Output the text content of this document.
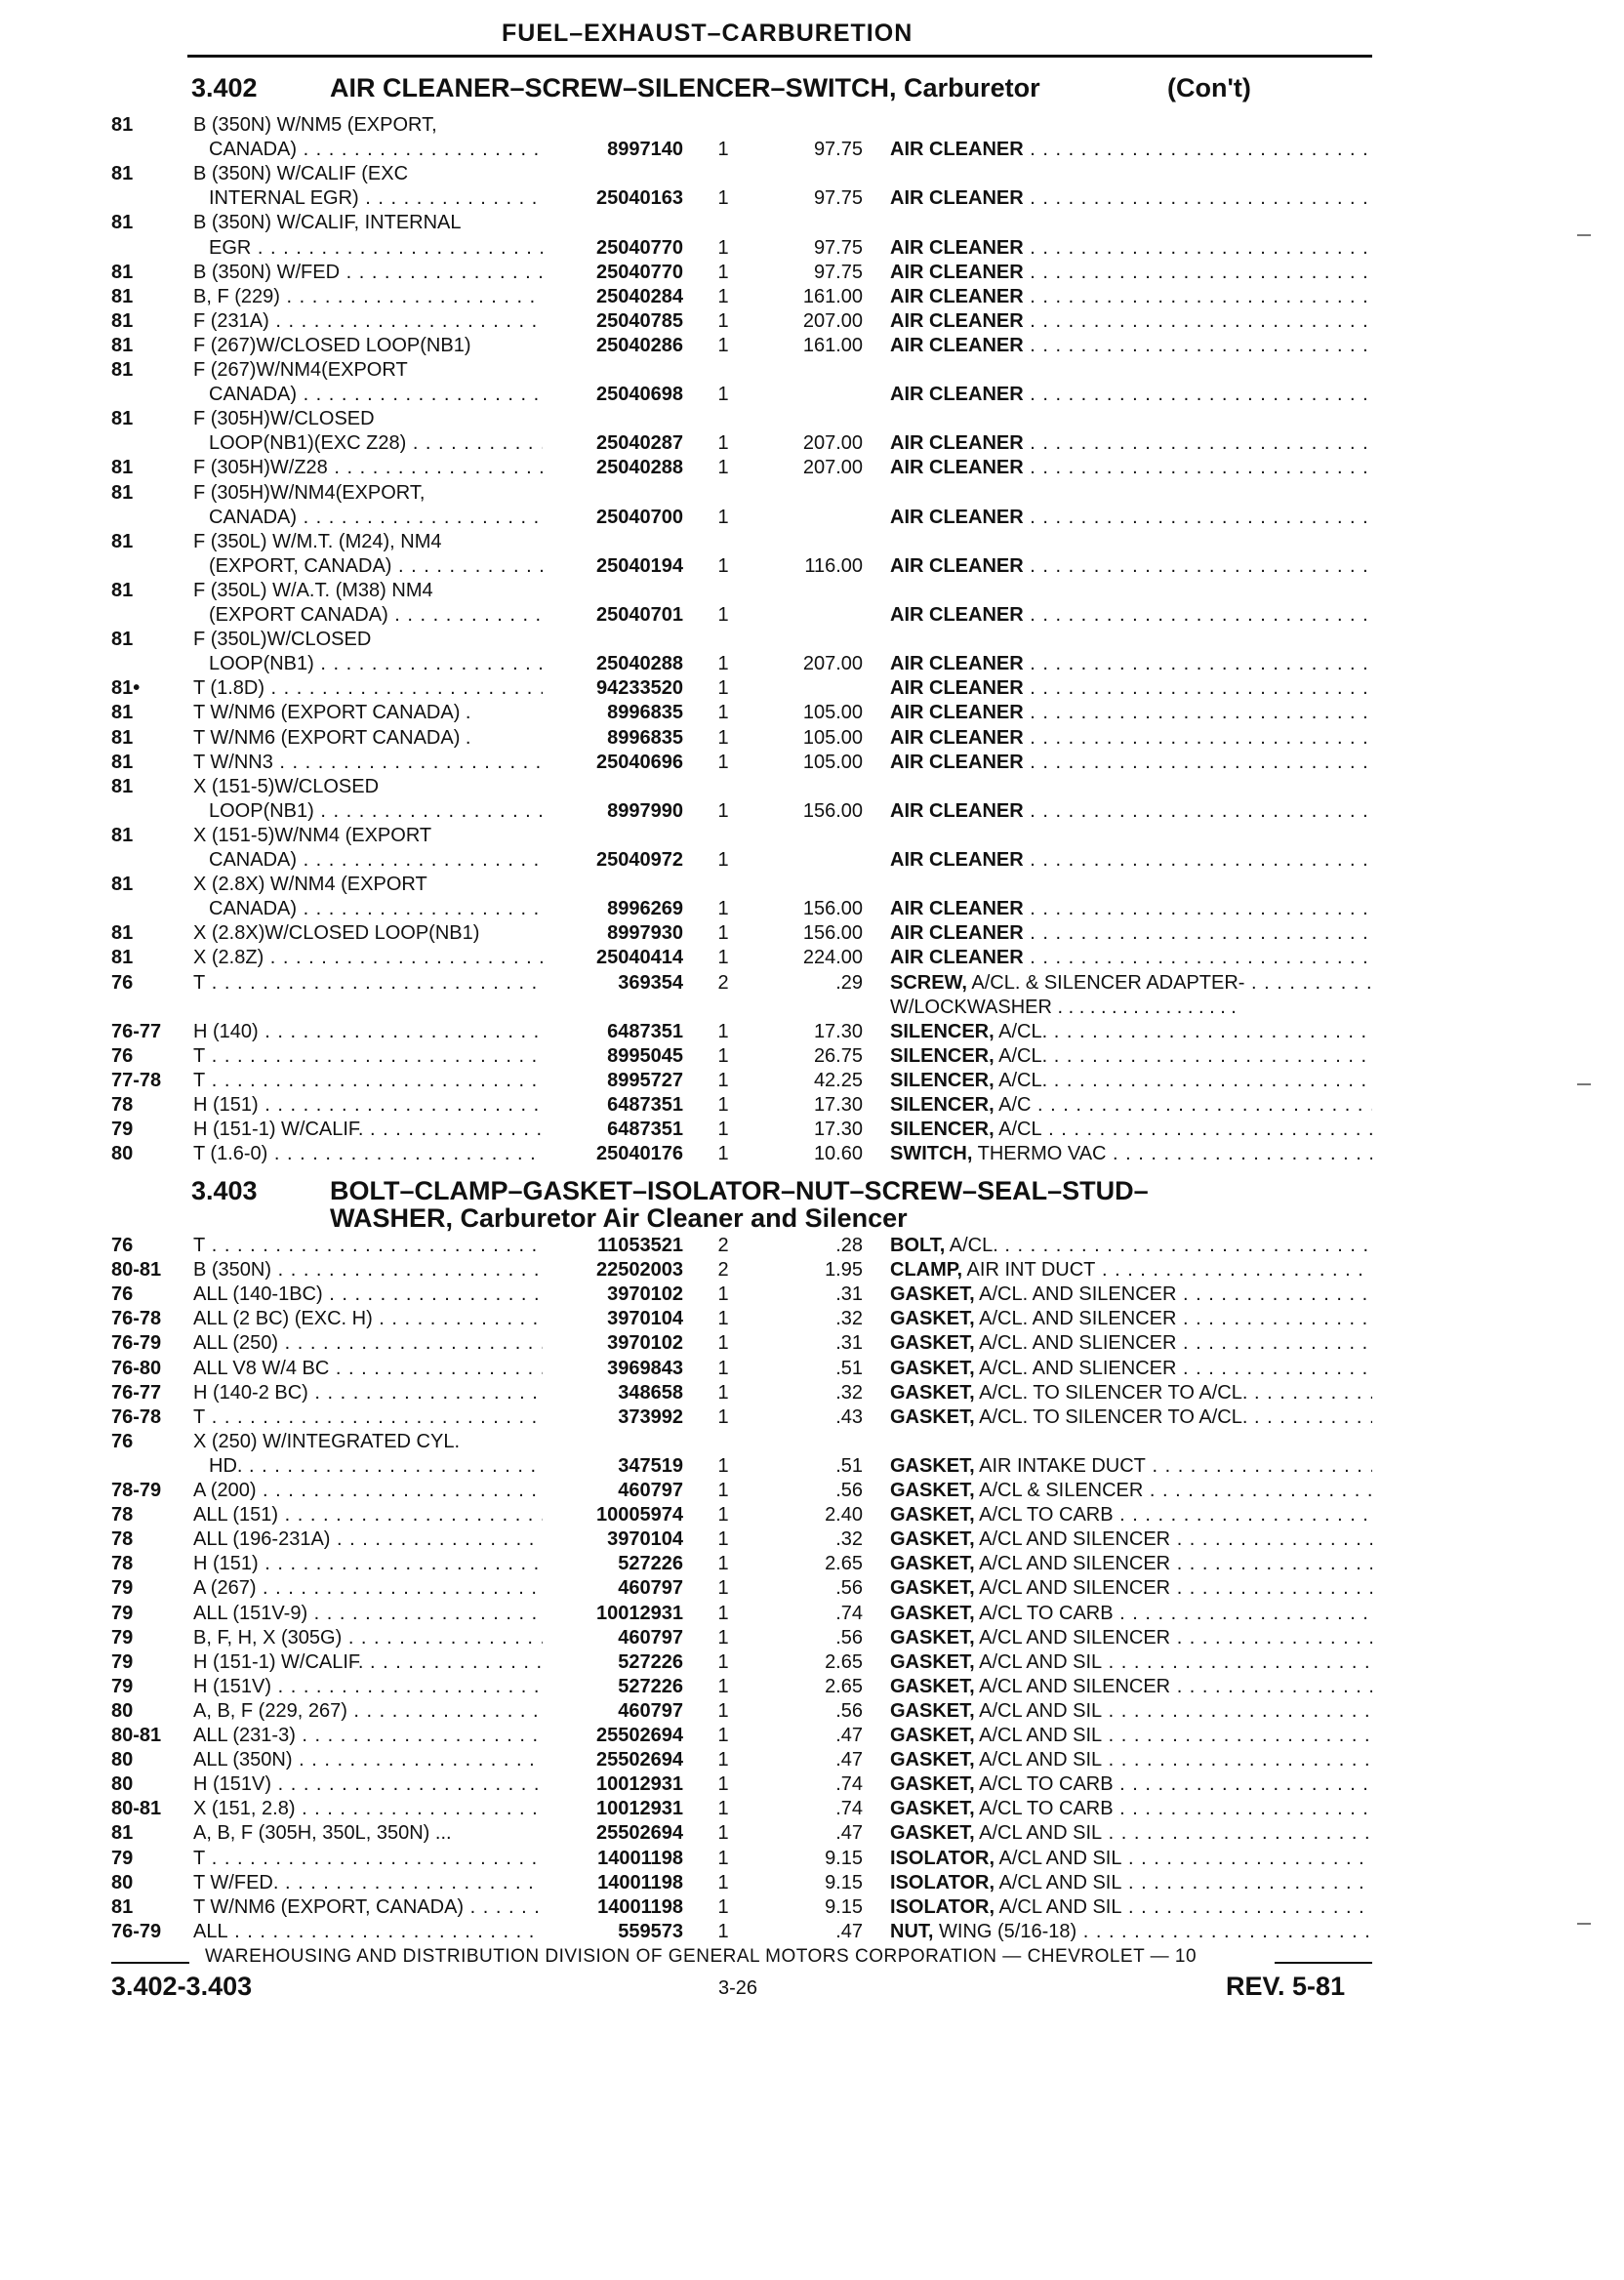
FUEL–EXHAUST–CARBURETION
3.402	AIR CLEANER–SCREW–SILENCER–SWITCH, Carburetor	(Con't)
81	B (350N) W/NM5 (EXPORT,
CANADA) . . .	8997140 1	97.75 AIR CLEANER . . .
81	B (350N) W/CALIF (EXC
INTERNAL EGR) . . .	25040163 1	97.75 AIR CLEANER . . .
81	B (350N) W/CALIF, INTERNAL
EGR . . .	25040770 1	97.75 AIR CLEANER . . .
81	B (350N) W/FED . . .	25040770 1	97.75 AIR CLEANER . . .
81	B, F (229) . . .	25040284 1	161.00 AIR CLEANER . . .
81	F (231A) . . .	25040785 1	207.00 AIR CLEANER . . .
81	F (267)W/CLOSED LOOP(NB1)	25040286 1	161.00 AIR CLEANER . . .
81	F (267)W/NM4(EXPORT
CANADA) . . .	25040698 1	AIR CLEANER . . .
81	F (305H)W/CLOSED
LOOP(NB1)(EXC Z28) . . .	25040287 1	207.00 AIR CLEANER . . .
81	F (305H)W/Z28 . . .	25040288 1	207.00 AIR CLEANER . . .
81	F (305H)W/NM4(EXPORT,
CANADA) . . .	25040700 1	AIR CLEANER . . .
81	F (350L) W/M.T. (M24), NM4
(EXPORT, CANADA) . . .	25040194 1	116.00 AIR CLEANER . . .
81	F (350L) W/A.T. (M38) NM4
(EXPORT CANADA) . . .	25040701 1	AIR CLEANER . . .
81	F (350L)W/CLOSED
LOOP(NB1) . . .	25040288 1	207.00 AIR CLEANER . . .
81•	T (1.8D) . . .	94233520 1	AIR CLEANER . . .
81	T W/NM6 (EXPORT CANADA) .	8996835 1	105.00 AIR CLEANER . . .
81	T W/NM6 (EXPORT CANADA) .	8996835 1	105.00 AIR CLEANER . . .
81	T W/NN3 . . .	25040696 1	105.00 AIR CLEANER . . .
81	X (151-5)W/CLOSED
LOOP(NB1) . . .	8997990 1	156.00 AIR CLEANER . . .
81	X (151-5)W/NM4 (EXPORT
CANADA) . . .	25040972 1	AIR CLEANER . . .
81	X (2.8X) W/NM4 (EXPORT
CANADA) . . .	8996269 1	156.00 AIR CLEANER . . .
81	X (2.8X)W/CLOSED LOOP(NB1)	8997930 1	156.00 AIR CLEANER . . .
81	X (2.8Z) . . .	25040414 1	224.00 AIR CLEANER . . .
76	T . . .	369354 2	.29 SCREW, A/CL. & SILENCER ADAPTER- . . .
W/LOCKWASHER . . . . . . . . . . . . . . . . .
76-77 H (140) . . .	6487351 1	17.30 SILENCER, A/CL. . . .
76	T . . .	8995045 1	26.75 SILENCER, A/CL. . . .
77-78 T . . .	8995727 1	42.25 SILENCER, A/CL. . . .
78	H (151) . . .	6487351 1	17.30 SILENCER, A/C . . .
79	H (151-1) W/CALIF. . . .	6487351 1	17.30 SILENCER, A/CL . . .
80	T (1.6-0) . . .	25040176 1	10.60 SWITCH, THERMO VAC . . .
3.403	BOLT–CLAMP–GASKET–ISOLATOR–NUT–SCREW–SEAL–STUD–
WASHER, Carburetor Air Cleaner and Silencer
76	T . . .	11053521 2	.28 BOLT, A/CL. . . .
80-81 B (350N) . . .	22502003 2	1.95 CLAMP, AIR INT DUCT . . .
76	ALL (140-1BC) . . .	3970102 1	.31 GASKET, A/CL. AND SILENCER . . .
76-78 ALL (2 BC) (EXC. H) . . .	3970104 1	.32 GASKET, A/CL. AND SILENCER . . .
76-79 ALL (250) . . .	3970102 1	.31 GASKET, A/CL. AND SLIENCER . . .
76-80 ALL V8 W/4 BC . . .	3969843 1	.51 GASKET, A/CL. AND SLIENCER . . .
76-77 H (140-2 BC) . . .	348658 1	.32 GASKET, A/CL. TO SILENCER TO A/CL. . . .
76-78 T . . .	373992 1	.43 GASKET, A/CL. TO SILENCER TO A/CL. . . .
76	X (250) W/INTEGRATED CYL.
HD. . . .	347519 1	.51 GASKET, AIR INTAKE DUCT . . .
78-79 A (200) . . .	460797 1	.56 GASKET, A/CL & SILENCER . . .
78	ALL (151) . . .	10005974 1	2.40 GASKET, A/CL TO CARB . . .
78	ALL (196-231A) . . .	3970104 1	.32 GASKET, A/CL AND SILENCER . . .
78	H (151) . . .	527226 1	2.65 GASKET, A/CL AND SILENCER . . .
79	A (267) . . .	460797 1	.56 GASKET, A/CL AND SILENCER . . .
79	ALL (151V-9) . . .	10012931 1	.74 GASKET, A/CL TO CARB . . .
79	B, F, H, X (305G) . . .	460797 1	.56 GASKET, A/CL AND SILENCER . . .
79	H (151-1) W/CALIF. . . .	527226 1	2.65 GASKET, A/CL AND SIL . . .
79	H (151V) . . .	527226 1	2.65 GASKET, A/CL AND SILENCER . . .
80	A, B, F (229, 267) . . .	460797 1	.56 GASKET, A/CL AND SIL . . .
80-81 ALL (231-3) . . .	25502694 1	.47 GASKET, A/CL AND SIL . . .
80	ALL (350N) . . .	25502694 1	.47 GASKET, A/CL AND SIL . . .
80	H (151V) . . .	10012931 1	.74 GASKET, A/CL TO CARB . . .
80-81 X (151, 2.8) . . .	10012931 1	.74 GASKET, A/CL TO CARB . . .
81	A, B, F (305H, 350L, 350N) ...	25502694 1	.47 GASKET, A/CL AND SIL . . .
79	T . . .	14001198 1	9.15 ISOLATOR, A/CL AND SIL . . .
80	T W/FED. . . .	14001198 1	9.15 ISOLATOR, A/CL AND SIL . . .
81	T W/NM6 (EXPORT, CANADA) . . .	14001198 1	9.15 ISOLATOR, A/CL AND SIL . . .
76-79 ALL . . .	559573 1	.47 NUT, WING (5/16-18) . . .
WAREHOUSING AND DISTRIBUTION DIVISION OF GENERAL MOTORS CORPORATION — CHEVROLET — 10
3.402-3.403	3-26	REV. 5-81
